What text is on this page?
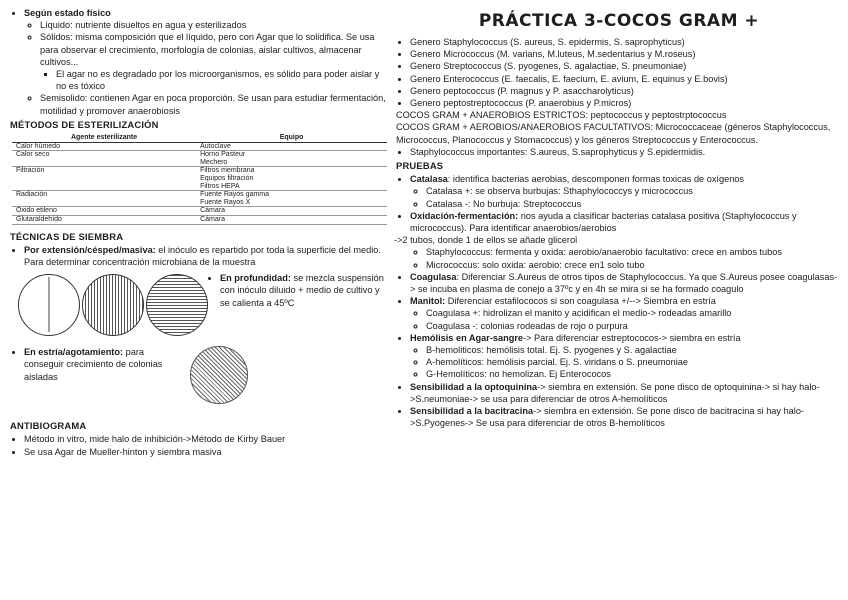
• Según estado físico
◦ Líquido: nutriente disueltos en agua y esterilizados
◦ Sólidos: misma composición que el líquido, pero con Agar que lo solidifica. Se usa para observar el crecimiento, morfología de colonias, aislar cultivos, almacenar cultivos...
▪ El agar no es degradado por los microorganismos, es sólido para poder aislar y no es tóxico
◦ Semisolido: contienen Agar en poca proporción. Se usan para estudiar fermentación, motilidad y promover anaerobiosis
MÉTODOS DE ESTERILIZACIÓN
Agente esterilizante	Equipo
Calor húmedo	Autoclave
Calor seco	Horno Pasteur
Mechero
Filtración	Filtros membrana
Equipos filtración
Filtros HEPA
Radiación	Fuente Rayos gamma
Fuente Rayos X
Óxido etileno	Cámara
Glutaraldehído	Cámara
TÉCNICAS DE SIEMBRA
• Por extensión/césped/masiva: el inóculo es repartido por toda la superficie del medio. Para determinar concentración microbiana de la muestra
• En profundidad: se mezcla suspensión con inóculo diluido + medio de cultivo y se calienta a 45ºC
• En estría/agotamiento: para conseguir crecimiento de colonias aisladas
ANTIBIOGRAMA
• Método in vitro, mide halo de inhibición->Método de Kirby Bauer
• Se usa Agar de Mueller-hinton y siembra masiva
PRÁCTICA 3-COCOS GRAM +
• Genero Staphylococcus (S. aureus, S. epidermis, S. saprophyticus)
• Genero Micrococcus (M. varians, M.luteus, M.sedentarius y M.roseus)
• Genero Streptococcus (S. pyogenes, S. agalactiae, S. pneumoniae)
• Genero Enterococcus (E. faecalis, E. faecium, E. avium, E. equinus y E.bovis)
• Genero peptococcus (P. magnus y P. asaccharolyticus)
• Genero peptostreptococcus (P. anaerobius y P.micros)
COCOS GRAM + ANAEROBIOS ESTRICTOS: peptococcus y peptostrptococcus
COCOS GRAM + AEROBIOS/ANAEROBIOS FACULTATIVOS: Micrococcaceae (géneros Staphylococcus, Micrococcus, Planococcus y Stomacoccus) y los géneros Streptococcus y Enterococcus.
• Staphylococcus importantes: S.aureus, S.saprophyticus y S.epidermidis.
PRUEBAS
• Catalasa: identifica bacterias aerobias, descomponen formas toxicas de oxígenos
◦ Catalasa +: se observa burbujas: Sthaphylococcys y micrococcus
◦ Catalasa -: No burbuja: Streptococcus
• Oxidación-fermentación: nos ayuda a clasificar bacterias catalasa positiva (Staphylococcus y micrococcus). Para identificar anaerobios/aerobios
->2 tubos, donde 1 de ellos se añade glicerol
◦ Staphylococcus: fermenta y oxida: aerobio/anaerobio facultativo: crece en ambos tubos
◦ Micrococcus: solo oxida: aerobio: crece en1 solo tubo
• Coagulasa: Diferenciar S.Aureus de otros tipos de Staphylococcus. Ya que S.Aureus posee coagulasas-> se incuba en plasma de conejo a 37ºc y en 4h se mira si se ha formado coagulo
• Manitol: Diferenciar estafilococos si son coagulasa +/--> Siembra en estría
◦ Coagulasa +: hidrolizan el manito y acidifican el medio-> rodeadas amarillo
◦ Coagulasa -: colonias rodeadas de rojo o purpura
• Hemólisis en Agar-sangre-> Para diferenciar estreptococos-> siembra en estría
◦ B-hemoliticos: hemólisis total. Ej. S. pyogenes y S. agalactiae
◦ A-hemolíticos: hemólisis parcial. Ej. S. viridans o S. pneumoniae
◦ G-Hemolíticos: no hemolizan. Ej Enterococos
• Sensibilidad a la optoquinina-> siembra en extensión. Se pone disco de optoquinina-> si hay halo->S.neumoniae-> se usa para diferenciar de otros A-hemolíticos
• Sensibilidad a la bacitracina-> siembra en extensión. Se pone disco de bacitracina si hay halo->S.Pyogenes-> Se usa para diferenciar de otros B-hemolíticos
